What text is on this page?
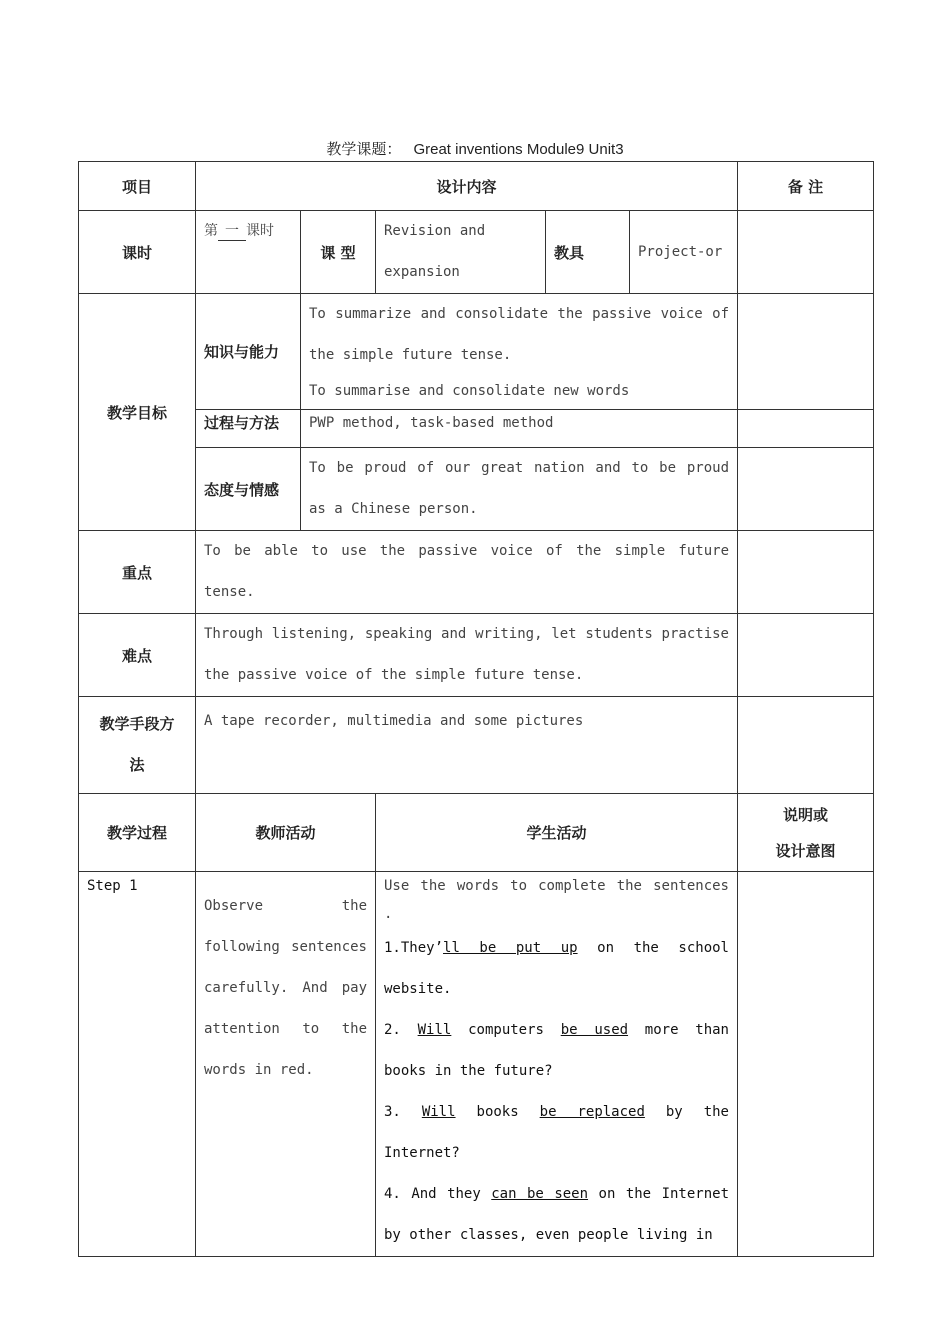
教学课题： Great inventions Module9 Unit3
项目	设计内容					备 注
课时	第 一 课时	课 型	Revision and expansion	教具	Project-or	
教学目标	知识与能力	To summarize and consolidate the passive voice of the simple future tense.

To summarise and consolidate new words				

	过程与方法	PWP method, task-based method				
	态度与情感	To be proud of our great nation and to be proud as a Chinese person.				
重点	To be able to use the passive voice of the simple future tense.					
难点	Through listening, speaking and writing, let students practise the passive voice of the simple future tense.					
教学手段方法	A tape recorder, multimedia and some pictures					
教学过程	教师活动		学生活动			说明或
设计意图

Step 1	Observe the following sentences carefully. And pay attention to the words in red.		Use the words to complete the sentences .

1.They’ll be put up on the school website.

2. Will computers be used more than books in the future?

3. Will books be replaced by the Internet?

4. And they can be seen on the Internet by other classes, even people living in			
